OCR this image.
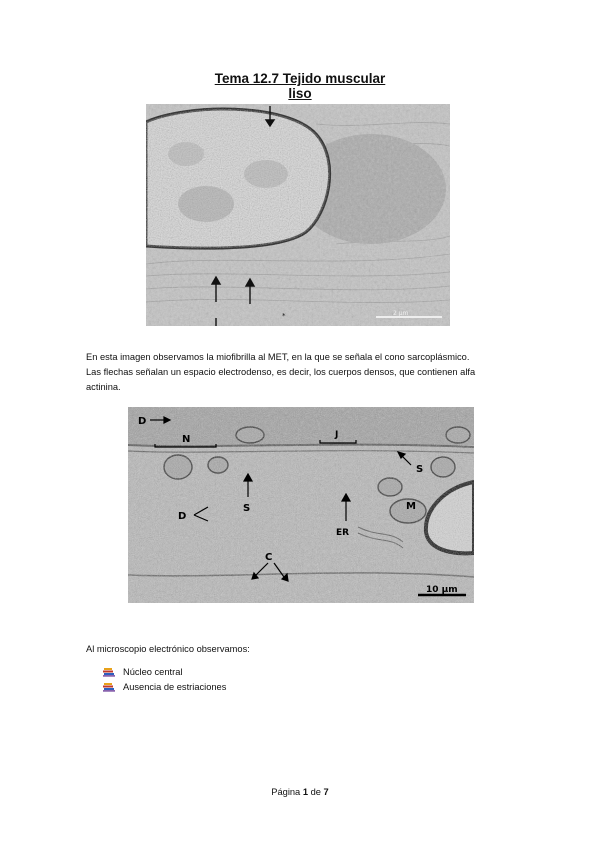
Tema 12.7 Tejido muscular
liso
*	2 μm

En esta imagen observamos la miofibrilla al MET, en la que se señala el cono sarcoplásmico.

Las flechas señalan un espacio electrodenso, es decir, los cuerpos densos, que contienen alfa

actinina.

D
N	J
S
M
D
S
ER
C
10 μm
Al microscopio electrónico observamos:
Núcleo central
Ausencia de estriaciones
Página 1 de 7
